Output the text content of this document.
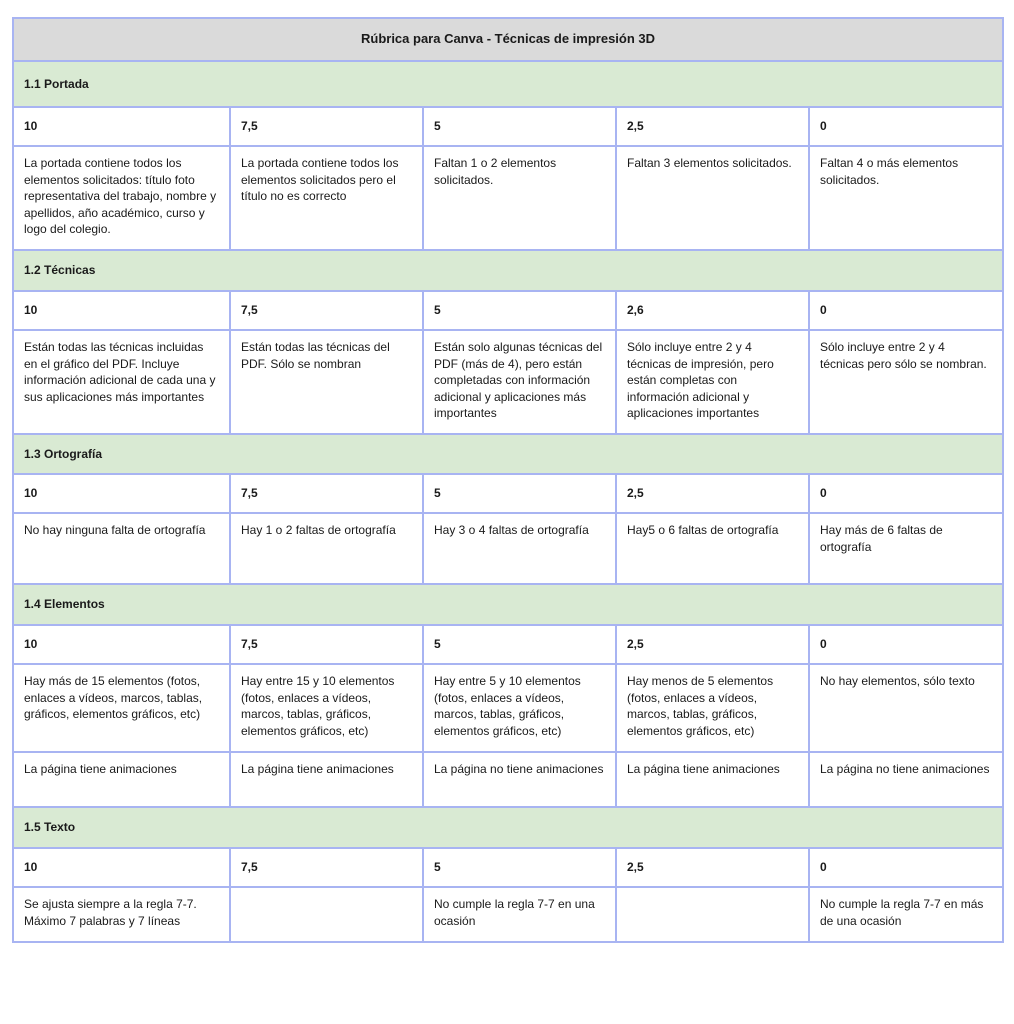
Rúbrica para Canva - Técnicas de impresión 3D				
1.1 Portada				
10	7,5	5	2,5	0
La portada contiene todos los elementos solicitados: título foto representativa del trabajo, nombre y apellidos, año académico, curso y logo del colegio.	La portada contiene todos los elementos solicitados pero el título no es correcto	Faltan 1 o 2 elementos solicitados.	Faltan 3 elementos solicitados.	Faltan 4 o más elementos solicitados.
1.2 Técnicas				
10	7,5	5	2,6	0
Están todas las técnicas incluidas en el gráfico del PDF. Incluye información adicional de cada una y sus aplicaciones más importantes	Están todas las técnicas del PDF. Sólo se nombran	Están solo algunas técnicas del PDF (más de 4), pero están completadas con información adicional y aplicaciones más importantes	Sólo incluye entre 2 y 4 técnicas de impresión, pero están completas con información adicional y aplicaciones importantes	Sólo incluye entre 2 y 4 técnicas pero sólo se nombran.
1.3 Ortografía				
10	7,5	5	2,5	0
No hay ninguna falta de ortografía	Hay 1 o 2 faltas de ortografía	Hay 3 o 4 faltas de ortografía	Hay5 o 6 faltas de ortografía	Hay más de 6 faltas de ortografía
1.4 Elementos				
10	7,5	5	2,5	0
Hay más de 15 elementos (fotos, enlaces a vídeos, marcos, tablas, gráficos, elementos gráficos, etc)	Hay entre 15 y 10 elementos (fotos, enlaces a vídeos, marcos, tablas, gráficos, elementos gráficos, etc)	Hay entre 5 y 10 elementos (fotos, enlaces a vídeos, marcos, tablas, gráficos, elementos gráficos, etc)	Hay menos de 5 elementos (fotos, enlaces a vídeos, marcos, tablas, gráficos, elementos gráficos, etc)	No hay elementos, sólo texto
La página tiene animaciones	La página tiene animaciones	La página no tiene animaciones	La página tiene animaciones	La página no tiene animaciones
1.5 Texto				
10	7,5	5	2,5	0
Se ajusta siempre a la regla 7-7. Máximo 7 palabras y 7 líneas		No cumple la regla 7-7 en una ocasión		No cumple la regla 7-7 en más de una ocasión
